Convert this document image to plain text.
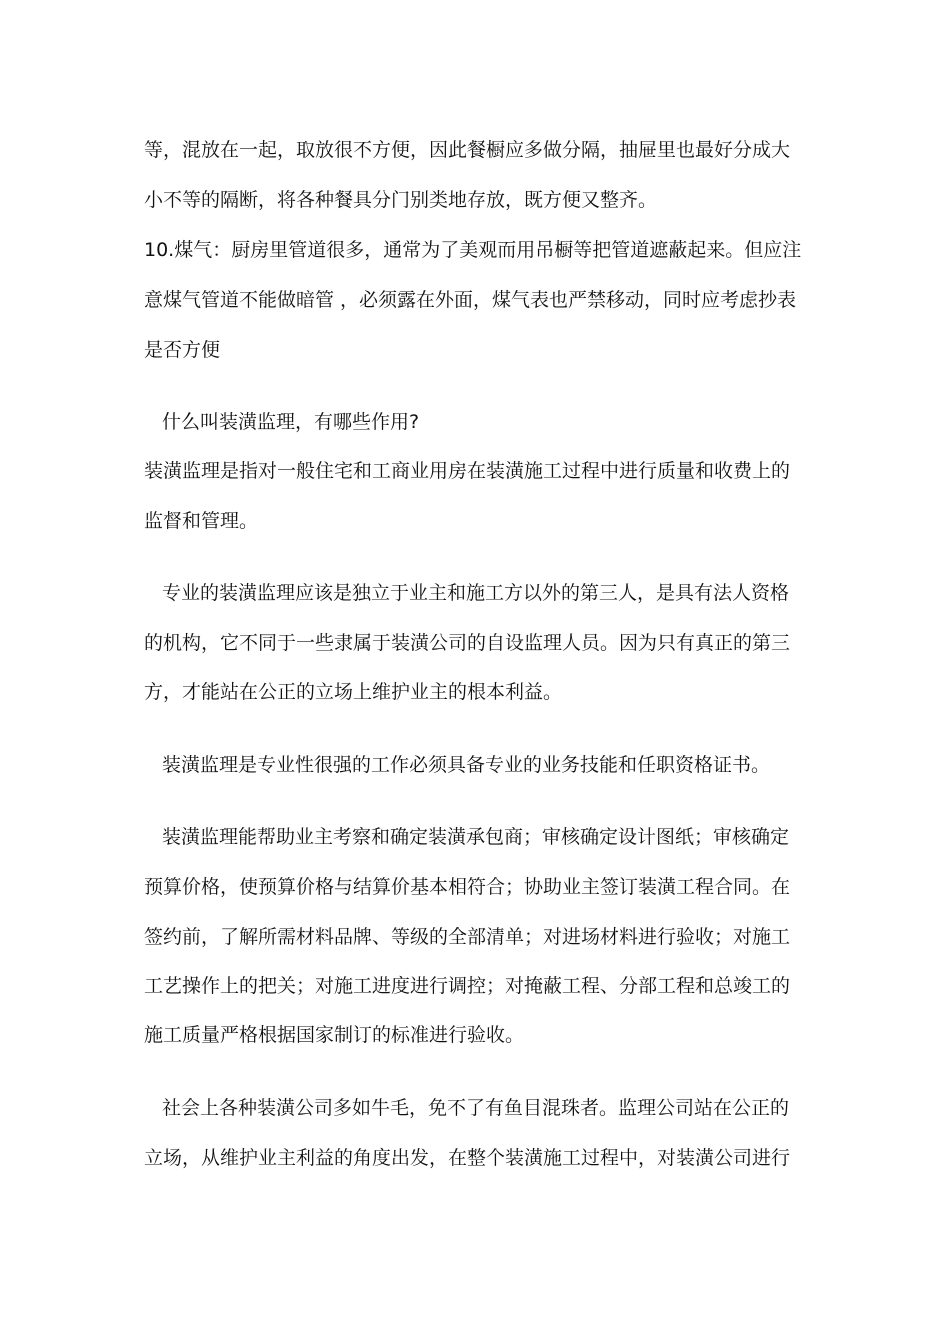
等，混放在一起，取放很不方便，因此餐橱应多做分隔，抽屉里也最好分成大
小不等的隔断，将各种餐具分门别类地存放，既方便又整齐。
10.煤气：厨房里管道很多，通常为了美观而用吊橱等把管道遮蔽起来。但应注
意煤气管道不能做暗管 ，必须露在外面，煤气表也严禁移动，同时应考虑抄表
是否方便
什么叫装潢监理，有哪些作用?
装潢监理是指对一般住宅和工商业用房在装潢施工过程中进行质量和收费上的
监督和管理。
专业的装潢监理应该是独立于业主和施工方以外的第三人，是具有法人资格
的机构，它不同于一些隶属于装潢公司的自设监理人员。因为只有真正的第三
方，才能站在公正的立场上维护业主的根本利益。
装潢监理是专业性很强的工作必须具备专业的业务技能和任职资格证书。
装潢监理能帮助业主考察和确定装潢承包商；审核确定设计图纸；审核确定
预算价格，使预算价格与结算价基本相符合；协助业主签订装潢工程合同。在
签约前，了解所需材料品牌、等级的全部清单；对进场材料进行验收；对施工
工艺操作上的把关；对施工进度进行调控；对掩蔽工程、分部工程和总竣工的
施工质量严格根据国家制订的标准进行验收。
社会上各种装潢公司多如牛毛，免不了有鱼目混珠者。监理公司站在公正的
立场，从维护业主利益的角度出发，在整个装潢施工过程中，对装潢公司进行
